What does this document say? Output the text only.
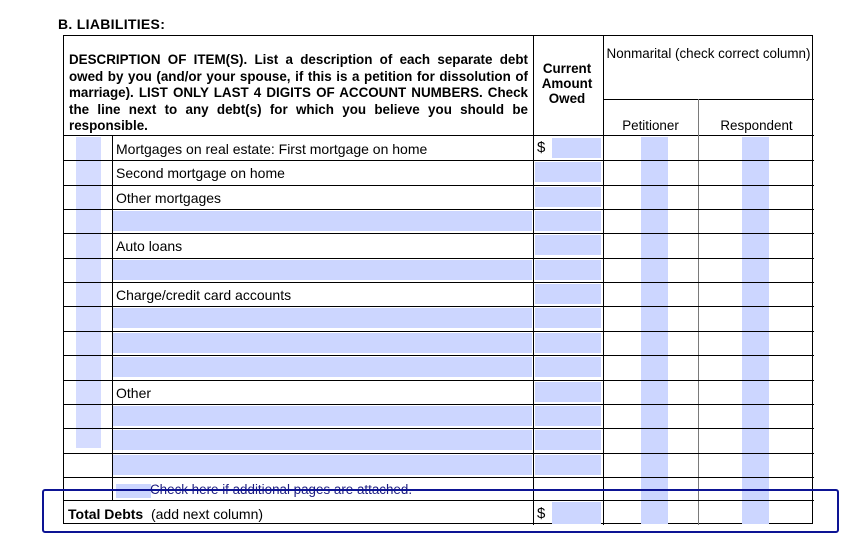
B. LIABILITIES:
DESCRIPTION OF ITEM(S). List a description of each separate debt owed by you (and/or your spouse, if this is a petition for dissolution of marriage). LIST ONLY LAST 4 DIGITS OF ACCOUNT NUMBERS. Check the line next to any debt(s) for which you believe you should be responsible.
Current Amount Owed
Nonmarital (check correct column)
Petitioner	Respondent
Mortgages on real estate: First mortgage on home	$
Second mortgage on home
Other mortgages
Auto loans
Charge/credit card accounts
Other
Check here if additional pages are attached.
Total Debts (add next column)	$
